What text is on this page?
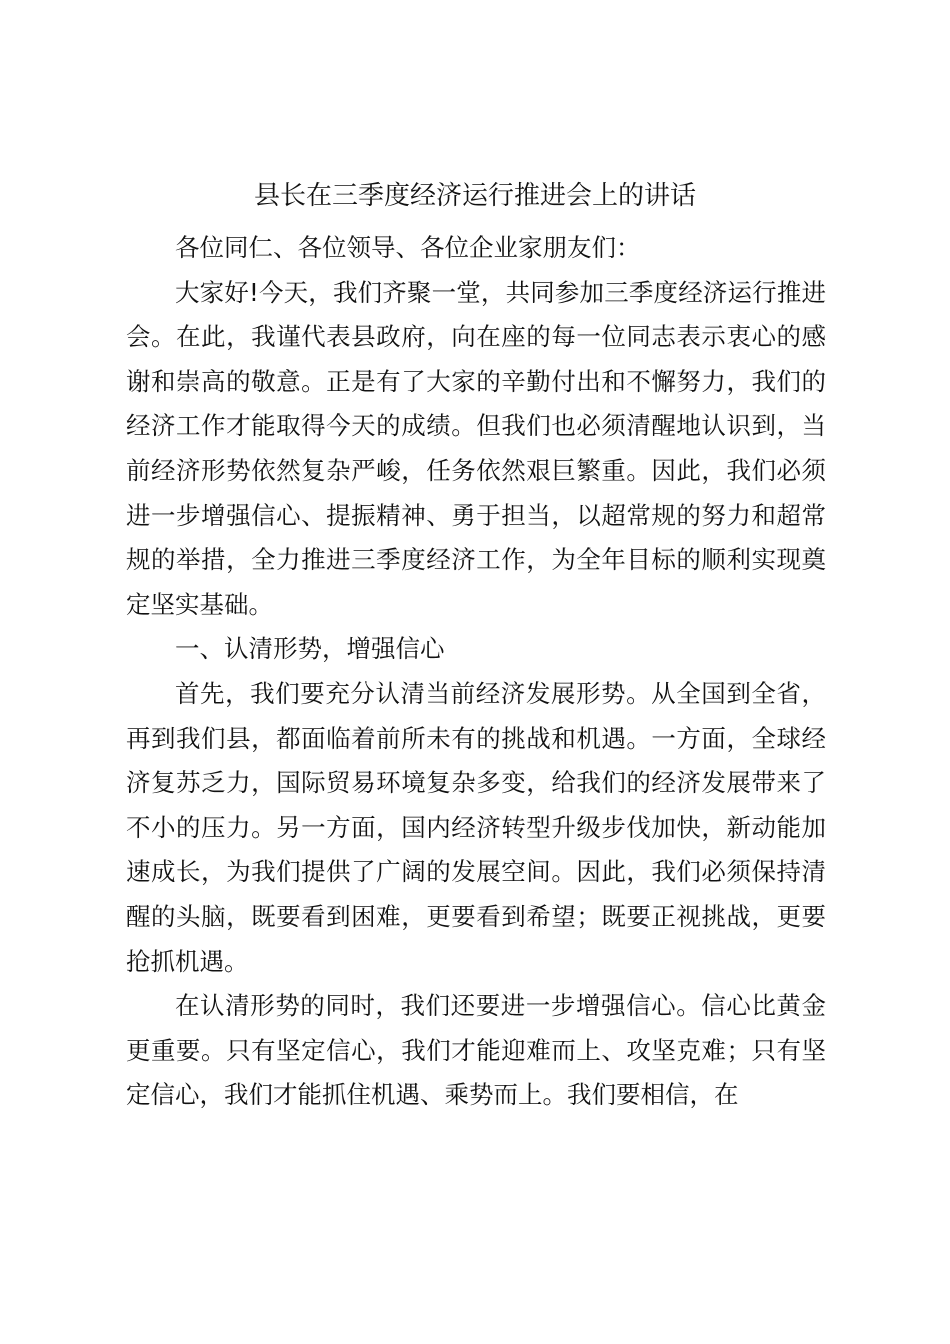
县长在三季度经济运行推进会上的讲话

各位同仁、各位领导、各位企业家朋友们：

大家好!今天，我们齐聚一堂，共同参加三季度经济运行推进会。在此，我谨代表县政府，向在座的每一位同志表示衷心的感谢和崇高的敬意。正是有了大家的辛勤付出和不懈努力，我们的经济工作才能取得今天的成绩。但我们也必须清醒地认识到，当前经济形势依然复杂严峻，任务依然艰巨繁重。因此，我们必须进一步增强信心、提振精神、勇于担当，以超常规的努力和超常规的举措，全力推进三季度经济工作，为全年目标的顺利实现奠定坚实基础。

一、认清形势，增强信心

首先，我们要充分认清当前经济发展形势。从全国到全省，再到我们县，都面临着前所未有的挑战和机遇。一方面，全球经济复苏乏力，国际贸易环境复杂多变，给我们的经济发展带来了不小的压力。另一方面，国内经济转型升级步伐加快，新动能加速成长，为我们提供了广阔的发展空间。因此，我们必须保持清醒的头脑，既要看到困难，更要看到希望；既要正视挑战，更要抢抓机遇。

在认清形势的同时，我们还要进一步增强信心。信心比黄金更重要。只有坚定信心，我们才能迎难而上、攻坚克难；只有坚定信心，我们才能抓住机遇、乘势而上。我们要相信，在
